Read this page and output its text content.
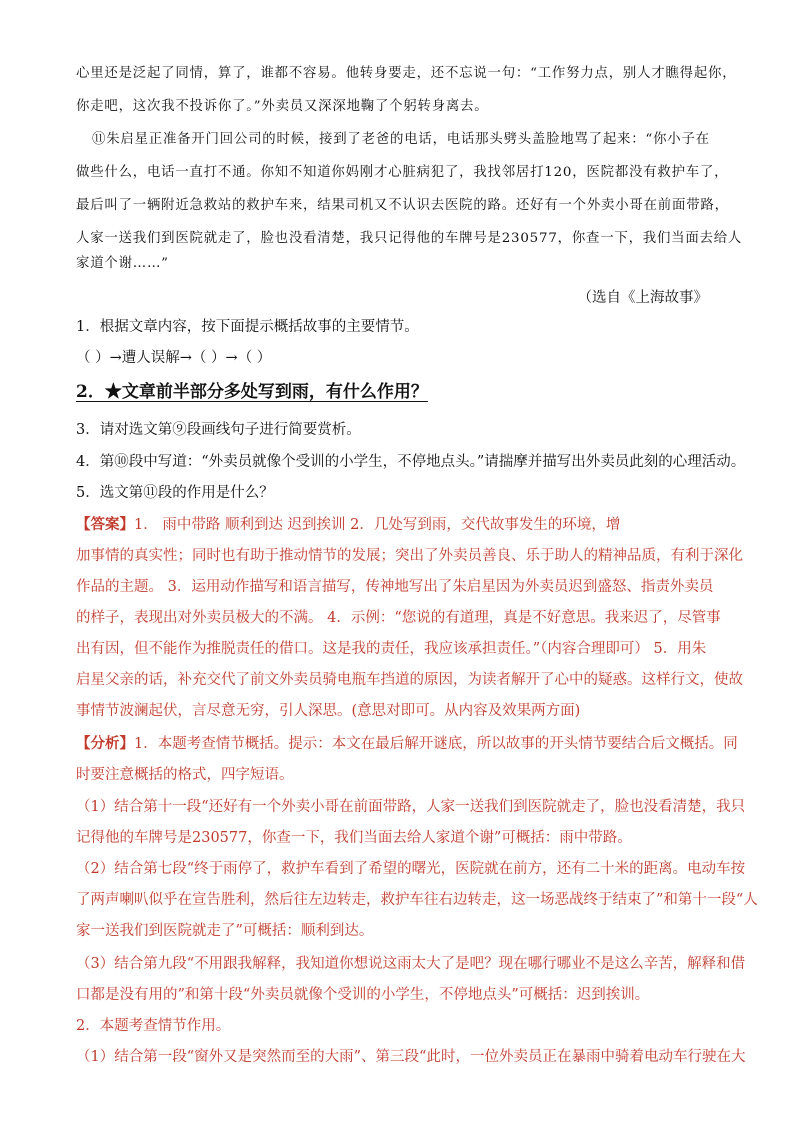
心里还是泛起了同情，算了，谁都不容易。他转身要走，还不忘说一句：“工作努力点，别人才瞧得起你，
你走吧，这次我不投诉你了。”外卖员又深深地鞠了个躬转身离去。
⑪朱启星正准备开门回公司的时候，接到了老爸的电话，电话那头劈头盖脸地骂了起来：“你小子在
做些什么，电话一直打不通。你知不知道你妈刚才心脏病犯了，我找邻居打120，医院都没有救护车了，
最后叫了一辆附近急救站的救护车来，结果司机又不认识去医院的路。还好有一个外卖小哥在前面带路，
人家一送我们到医院就走了，脸也没看清楚，我只记得他的车牌号是230577，你查一下，我们当面去给人
家道个谢……”
（选自《上海故事》
1．根据文章内容，按下面提示概括故事的主要情节。
（ ）→遭人误解→（ ）→（ ）
2．★文章前半部分多处写到雨，有什么作用？
3．请对选文第⑨段画线句子进行简要赏析。
4．第⑩段中写道：“外卖员就像个受训的小学生，不停地点头。”请揣摩并描写出外卖员此刻的心理活动。
5．选文第⑪段的作用是什么？
【答案】1． 雨中带路 顺利到达 迟到挨训 2．几处写到雨，交代故事发生的环境，增
加事情的真实性；同时也有助于推动情节的发展；突出了外卖员善良、乐于助人的精神品质，有利于深化
作品的主题。 3．运用动作描写和语言描写，传神地写出了朱启星因为外卖员迟到盛怒、指责外卖员
的样子，表现出对外卖员极大的不满。 4．示例：“您说的有道理，真是不好意思。我来迟了，尽管事
出有因，但不能作为推脱责任的借口。这是我的责任，我应该承担责任。”（内容合理即可） 5．用朱
启星父亲的话，补充交代了前文外卖员骑电瓶车挡道的原因，为读者解开了心中的疑惑。这样行文，使故
事情节波澜起伏，言尽意无穷，引人深思。(意思对即可。从内容及效果两方面)
【分析】1．本题考查情节概括。提示：本文在最后解开谜底，所以故事的开头情节要结合后文概括。同
时要注意概括的格式，四字短语。
（1）结合第十一段“还好有一个外卖小哥在前面带路，人家一送我们到医院就走了，脸也没看清楚，我只
记得他的车牌号是230577，你查一下，我们当面去给人家道个谢”可概括：雨中带路。
（2）结合第七段“终于雨停了，救护车看到了希望的曙光，医院就在前方，还有二十米的距离。电动车按
了两声喇叭似乎在宣告胜利，然后往左边转走，救护车往右边转走，这一场恶战终于结束了”和第十一段“人
家一送我们到医院就走了”可概括：顺利到达。
（3）结合第九段“不用跟我解释，我知道你想说这雨太大了是吧？现在哪行哪业不是这么辛苦，解释和借
口都是没有用的”和第十段“外卖员就像个受训的小学生，不停地点头”可概括：迟到挨训。
2．本题考查情节作用。
（1）结合第一段“窗外又是突然而至的大雨”、第三段“此时，一位外卖员正在暴雨中骑着电动车行驶在大
